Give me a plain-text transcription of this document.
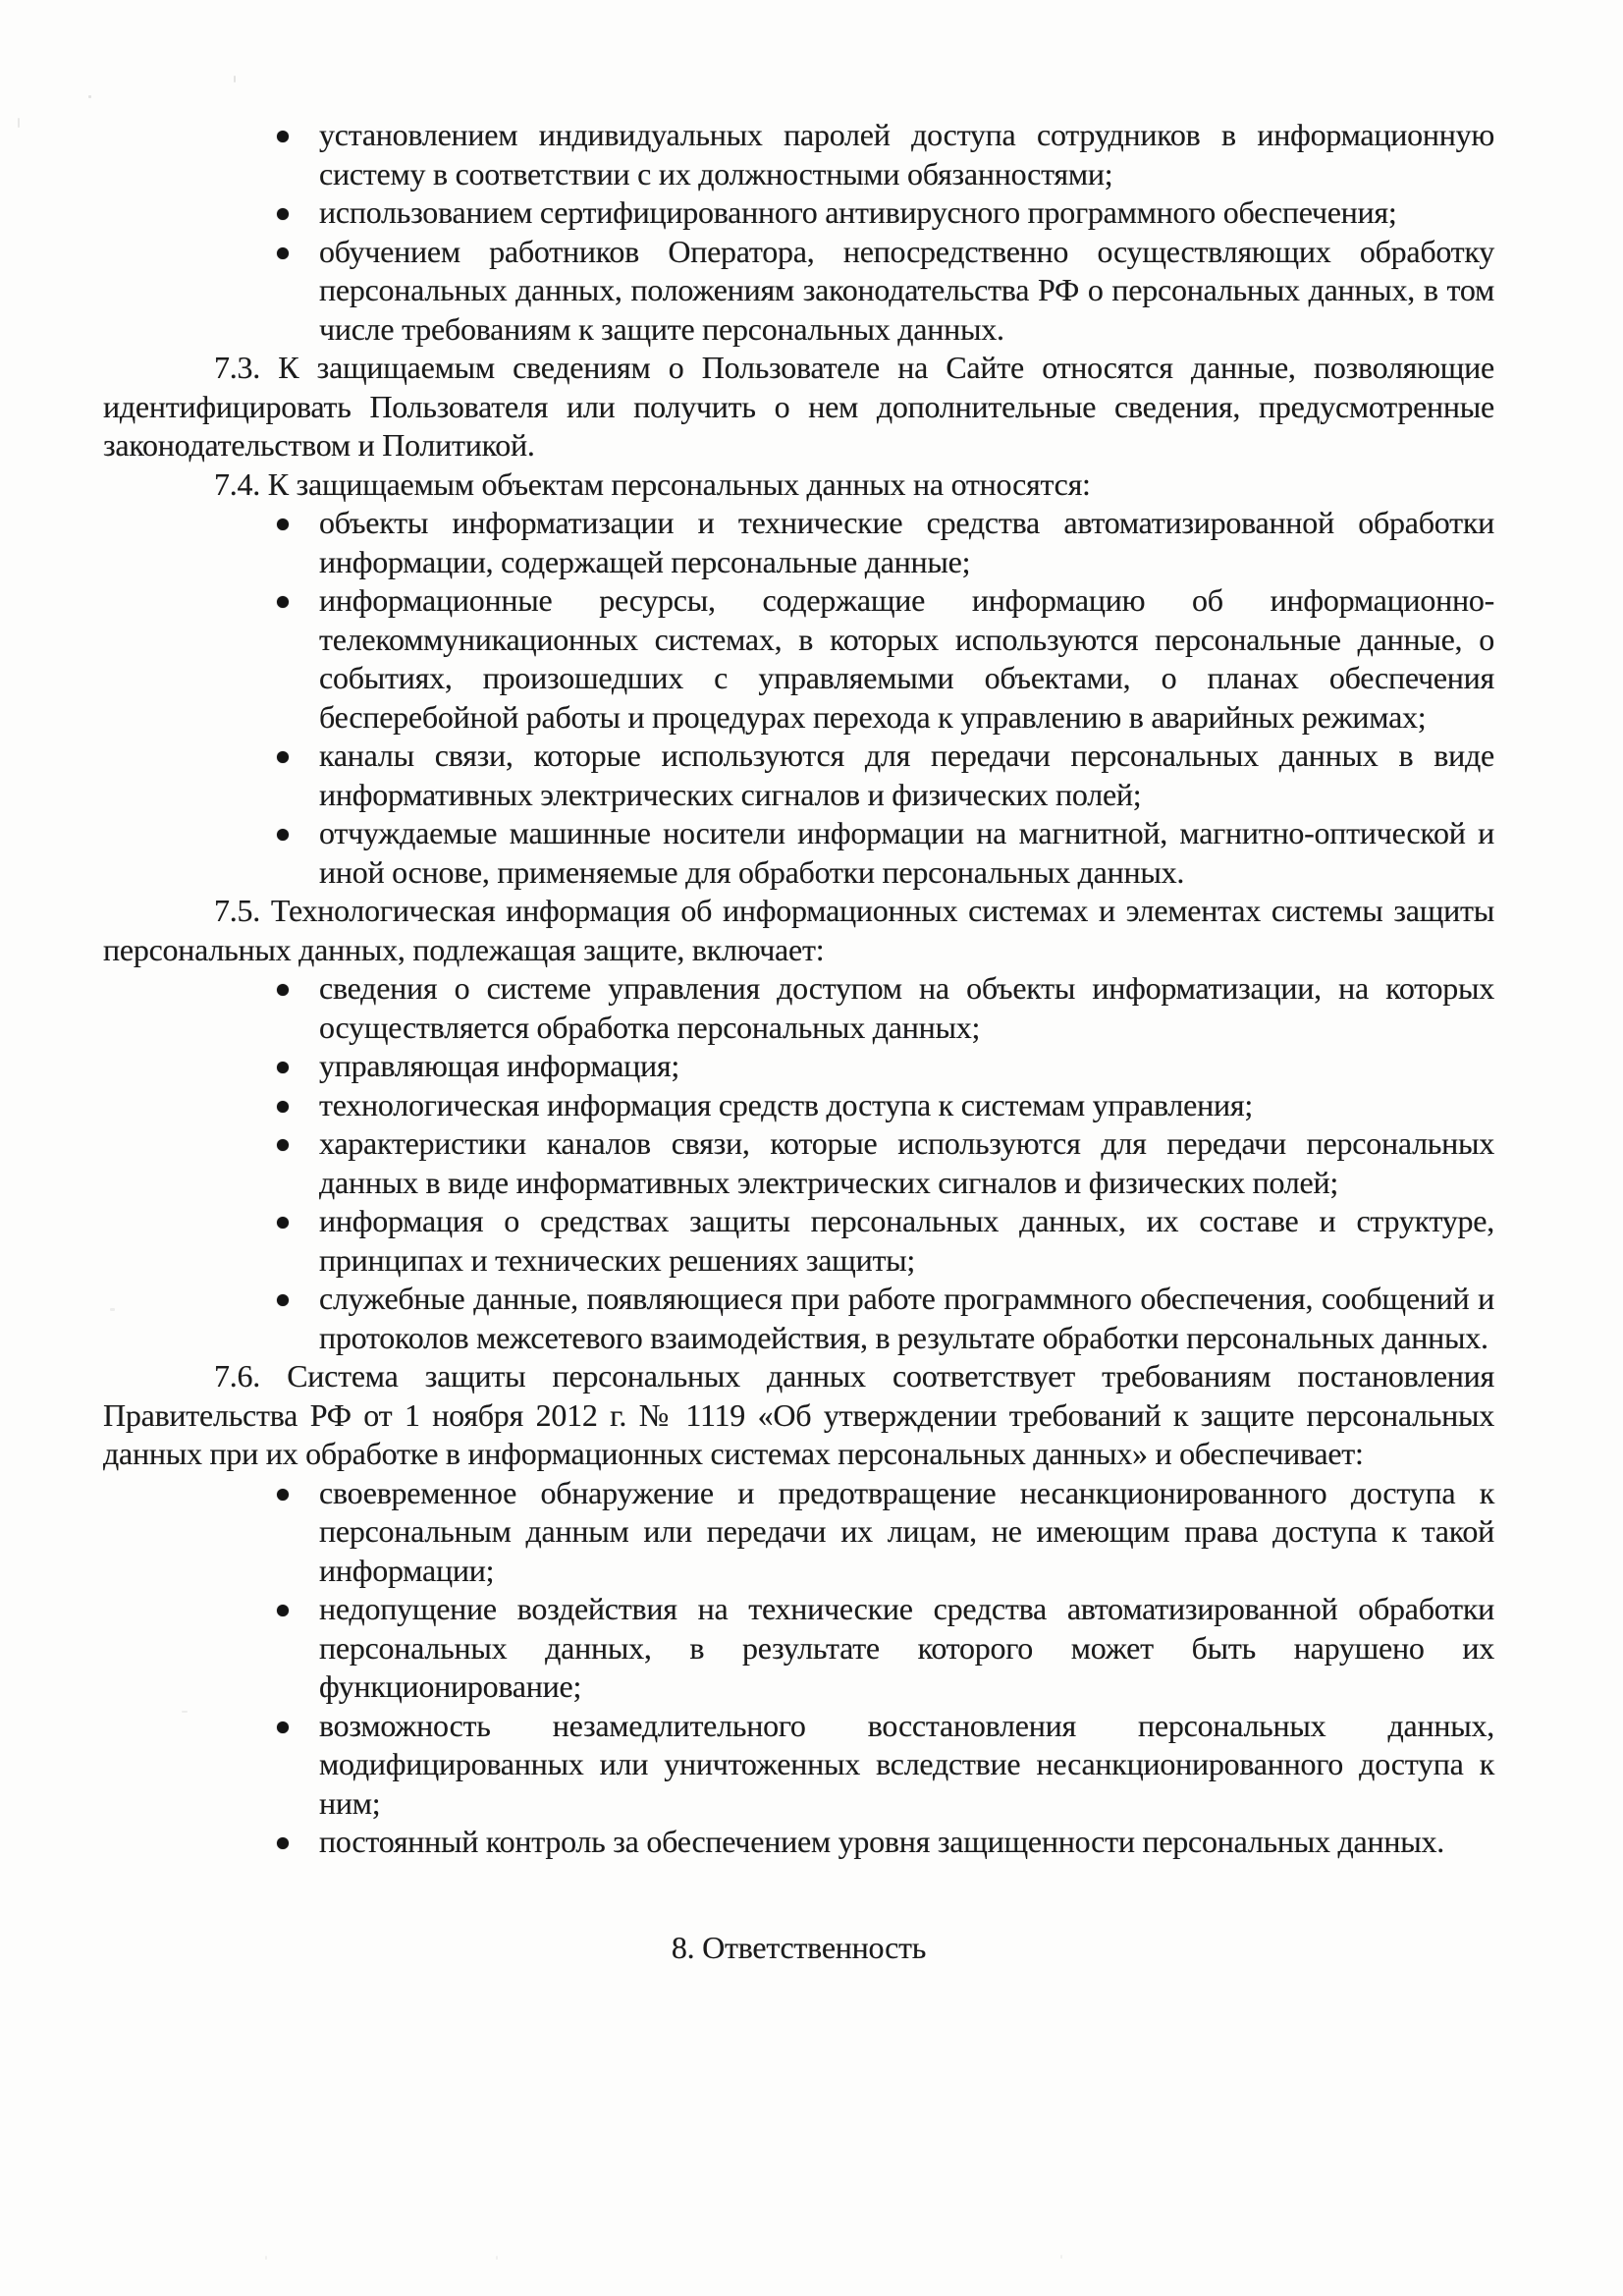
установлением индивидуальных паролей доступа сотрудников в информационную систему в соответствии с их должностными обязанностями;
использованием сертифицированного антивирусного программного обеспечения;
обучением работников Оператора, непосредственно осуществляющих обработку персональных данных, положениям законодательства РФ о персональных данных, в том числе требованиям к защите персональных данных.

7.3. К защищаемым сведениям о Пользователе на Сайте относятся данные, позволяющие идентифицировать Пользователя или получить о нем дополнительные сведения, предусмотренные законодательством и Политикой.

7.4. К защищаемым объектам персональных данных на относятся:

объекты информатизации и технические средства автоматизированной обработки информации, содержащей персональные данные;
информационные ресурсы, содержащие информацию об информационно-телекоммуникационных системах, в которых используются персональные данные, о событиях, произошедших с управляемыми объектами, о планах обеспечения бесперебойной работы и процедурах перехода к управлению в аварийных режимах;
каналы связи, которые используются для передачи персональных данных в виде информативных электрических сигналов и физических полей;
отчуждаемые машинные носители информации на магнитной, магнитно-оптической и иной основе, применяемые для обработки персональных данных.

7.5. Технологическая информация об информационных системах и элементах системы защиты персональных данных, подлежащая защите, включает:

сведения о системе управления доступом на объекты информатизации, на которых осуществляется обработка персональных данных;
управляющая информация;
технологическая информация средств доступа к системам управления;
характеристики каналов связи, которые используются для передачи персональных данных в виде информативных электрических сигналов и физических полей;
информация о средствах защиты персональных данных, их составе и структуре, принципах и технических решениях защиты;
служебные данные, появляющиеся при работе программного обеспечения, сообщений и протоколов межсетевого взаимодействия, в результате обработки персональных данных.

7.6. Система защиты персональных данных соответствует требованиям постановления Правительства РФ от 1 ноября 2012 г. № 1119 «Об утверждении требований к защите персональных данных при их обработке в информационных системах персональных данных» и обеспечивает:

своевременное обнаружение и предотвращение несанкционированного доступа к персональным данным или передачи их лицам, не имеющим права доступа к такой информации;
недопущение воздействия на технические средства автоматизированной обработки персональных данных, в результате которого может быть нарушено их функционирование;
возможность незамедлительного восстановления персональных данных, модифицированных или уничтоженных вследствие несанкционированного доступа к ним;
постоянный контроль за обеспечением уровня защищенности персональных данных.
8. Ответственность
